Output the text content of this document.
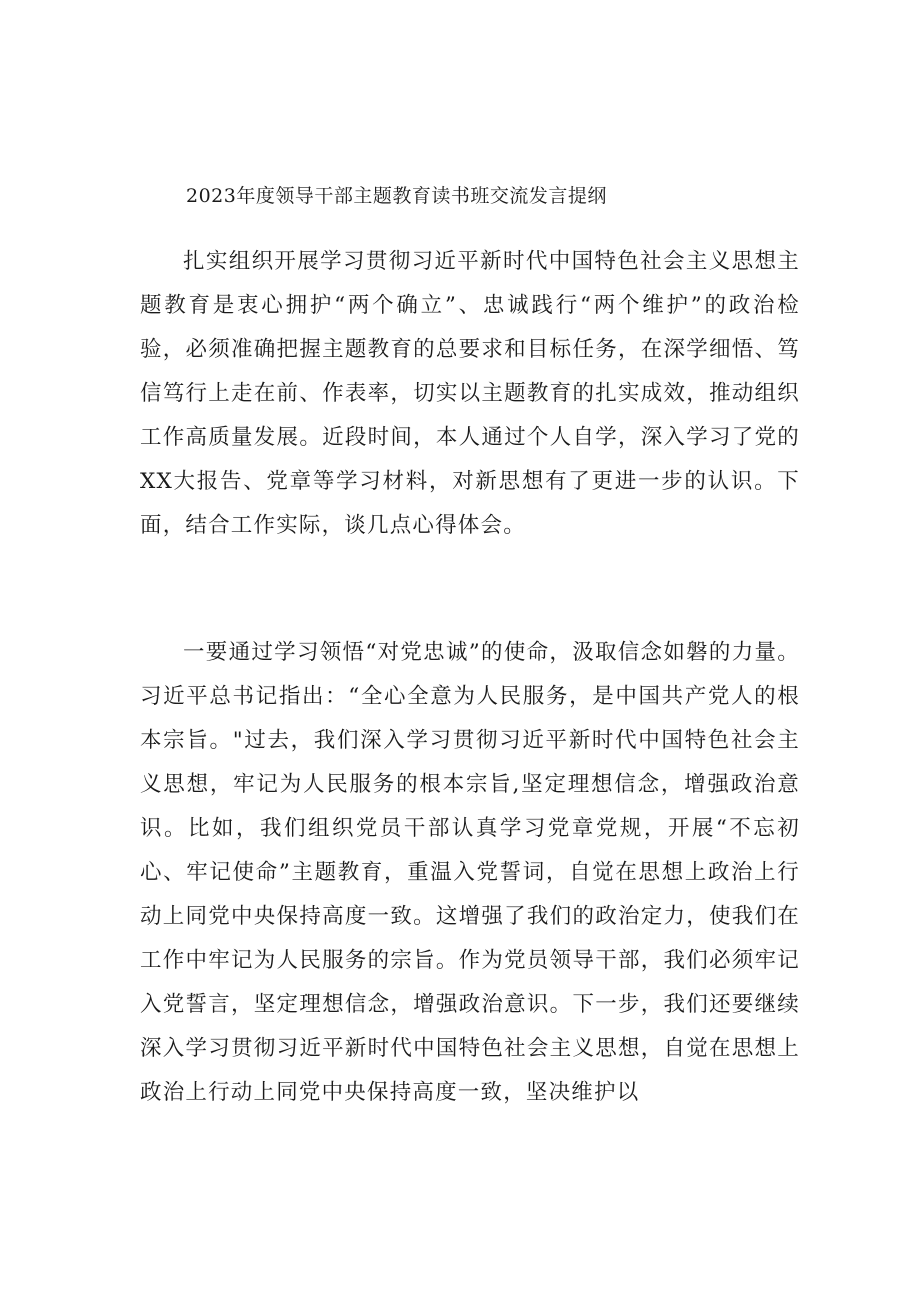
2023年度领导干部主题教育读书班交流发言提纲

扎实组织开展学习贯彻习近平新时代中国特色社会主义思想主题教育是衷心拥护“两个确立”、忠诚践行“两个维护”的政治检验，必须准确把握主题教育的总要求和目标任务，在深学细悟、笃信笃行上走在前、作表率，切实以主题教育的扎实成效，推动组织工作高质量发展。近段时间，本人通过个人自学，深入学习了党的XX大报告、党章等学习材料，对新思想有了更进一步的认识。下面，结合工作实际，谈几点心得体会。

一要通过学习领悟“对党忠诚”的使命，汲取信念如磐的力量。习近平总书记指出：“全心全意为人民服务，是中国共产党人的根本宗旨。"过去，我们深入学习贯彻习近平新时代中国特色社会主义思想，牢记为人民服务的根本宗旨,坚定理想信念，增强政治意识。比如，我们组织党员干部认真学习党章党规，开展“不忘初心、牢记使命”主题教育，重温入党誓词，自觉在思想上政治上行动上同党中央保持高度一致。这增强了我们的政治定力，使我们在工作中牢记为人民服务的宗旨。作为党员领导干部，我们必须牢记入党誓言，坚定理想信念，增强政治意识。下一步，我们还要继续深入学习贯彻习近平新时代中国特色社会主义思想，自觉在思想上政治上行动上同党中央保持高度一致，坚决维护以
